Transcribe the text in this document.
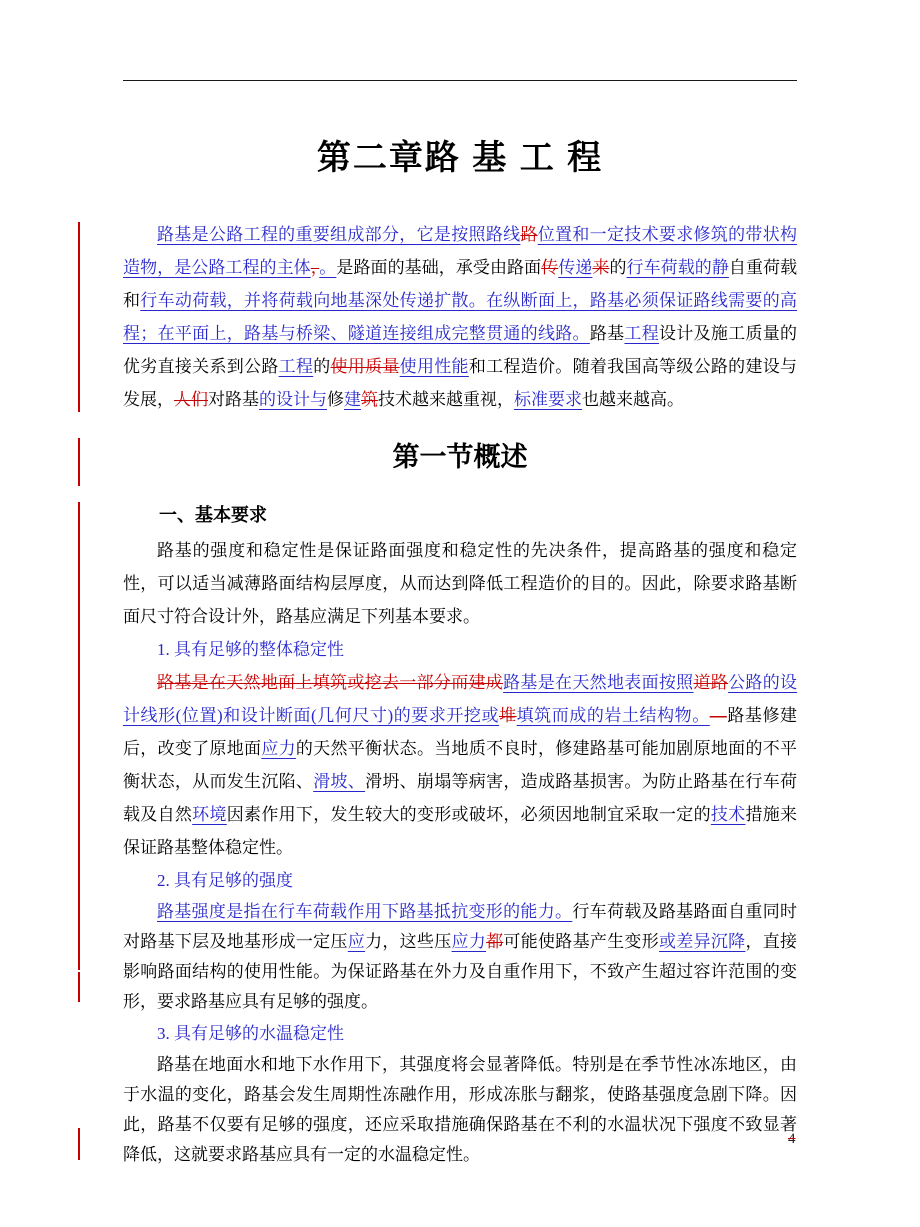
第二章路 基 工 程

路基是公路工程的重要组成部分，它是按照路线路位置和一定技术要求修筑的带状构造物，是公路工程的主体，。是路面的基础，承受由路面传传递来的行车荷载的静自重荷载和行车动荷载，并将荷载向地基深处传递扩散。在纵断面上，路基必须保证路线需要的高程；在平面上，路基与桥梁、隧道连接组成完整贯通的线路。路基工程设计及施工质量的优劣直接关系到公路工程的使用质量使用性能和工程造价。随着我国高等级公路的建设与发展，人们对路基的设计与修建筑技术越来越重视，标准要求也越来越高。

第一节概述
一、基本要求

路基的强度和稳定性是保证路面强度和稳定性的先决条件，提高路基的强度和稳定性，可以适当减薄路面结构层厚度，从而达到降低工程造价的目的。因此，除要求路基断面尺寸符合设计外，路基应满足下列基本要求。

1. 具有足够的整体稳定性

路基是在天然地面上填筑或挖去一部分而建成路基是在天然地表面按照道路公路的设计线形(位置)和设计断面(几何尺寸)的要求开挖或堆填筑而成的岩土结构物。—路基修建后，改变了原地面应力的天然平衡状态。当地质不良时，修建路基可能加剧原地面的不平衡状态，从而发生沉陷、滑坡、滑坍、崩塌等病害，造成路基损害。为防止路基在行车荷载及自然环境因素作用下，发生较大的变形或破坏，必须因地制宜采取一定的技术措施来保证路基整体稳定性。

2. 具有足够的强度

路基强度是指在行车荷载作用下路基抵抗变形的能力。行车荷载及路基路面自重同时对路基下层及地基形成一定压应力，这些压应力都可能使路基产生变形或差异沉降，直接影响路面结构的使用性能。为保证路基在外力及自重作用下，不致产生超过容许范围的变形，要求路基应具有足够的强度。

3. 具有足够的水温稳定性

路基在地面水和地下水作用下，其强度将会显著降低。特别是在季节性冰冻地区，由于水温的变化，路基会发生周期性冻融作用，形成冻胀与翻浆，使路基强度急剧下降。因此，路基不仅要有足够的强度，还应采取措施确保路基在不利的水温状况下强度不致显著降低，这就要求路基应具有一定的水温稳定性。

4
